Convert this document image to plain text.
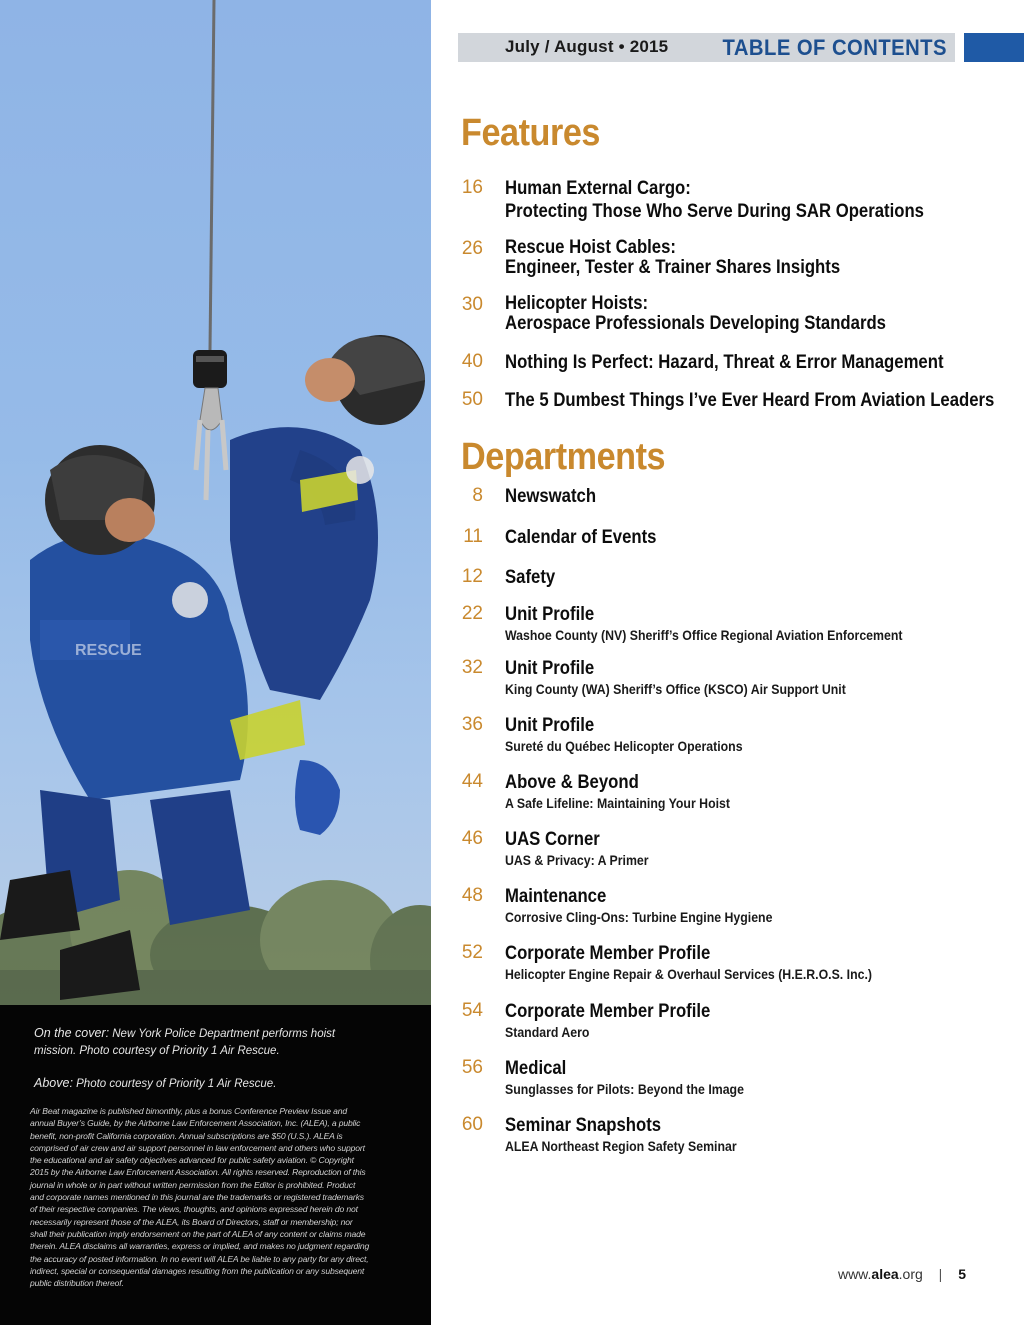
RESCUE
On the cover: New York Police Department performs hoist mission. Photo courtesy of Priority 1 Air Rescue.
Above: Photo courtesy of Priority 1 Air Rescue.
Air Beat magazine is published bimonthly, plus a bonus Conference Preview Issue and annual Buyer’s Guide, by the Airborne Law Enforcement Association, Inc. (ALEA), a public benefit, non-profit California corporation. Annual subscriptions are $50 (U.S.). ALEA is comprised of air crew and air support personnel in law enforcement and others who support the educational and air safety objectives advanced for public safety aviation. © Copyright 2015 by the Airborne Law Enforcement Association. All rights reserved. Reproduction of this journal in whole or in part without written permission from the Editor is prohibited. Product and corporate names mentioned in this journal are the trademarks or registered trademarks of their respective companies. The views, thoughts, and opinions expressed herein do not necessarily represent those of the ALEA, its Board of Directors, staff or membership; nor shall their publication imply endorsement on the part of ALEA of any content or claims made therein. ALEA disclaims all warranties, express or implied, and makes no judgment regarding the accuracy of posted information. In no event will ALEA be liable to any party for any direct, indirect, special or consequential damages resulting from the publication or any subsequent public distribution thereof.
July / August • 2015 TABLE OF CONTENTS
Features
16 Human External Cargo:
Protecting Those Who Serve During SAR Operations
26 Rescue Hoist Cables:
Engineer, Tester & Trainer Shares Insights
30 Helicopter Hoists:
Aerospace Professionals Developing Standards
40 Nothing Is Perfect: Hazard, Threat & Error Management
50 The 5 Dumbest Things I’ve Ever Heard From Aviation Leaders
Departments
8 Newswatch
11 Calendar of Events
12 Safety
22 Unit Profile
Washoe County (NV) Sheriff’s Office Regional Aviation Enforcement
32 Unit Profile
King County (WA) Sheriff’s Office (KSCO) Air Support Unit
36 Unit Profile
Sureté du Québec Helicopter Operations
44 Above & Beyond
A Safe Lifeline: Maintaining Your Hoist
46 UAS Corner
UAS & Privacy: A Primer
48 Maintenance
Corrosive Cling-Ons: Turbine Engine Hygiene
52 Corporate Member Profile
Helicopter Engine Repair & Overhaul Services (H.E.R.O.S. Inc.)
54 Corporate Member Profile
Standard Aero
56 Medical
Sunglasses for Pilots: Beyond the Image
60 Seminar Snapshots
ALEA Northeast Region Safety Seminar
www.alea.org | 5
